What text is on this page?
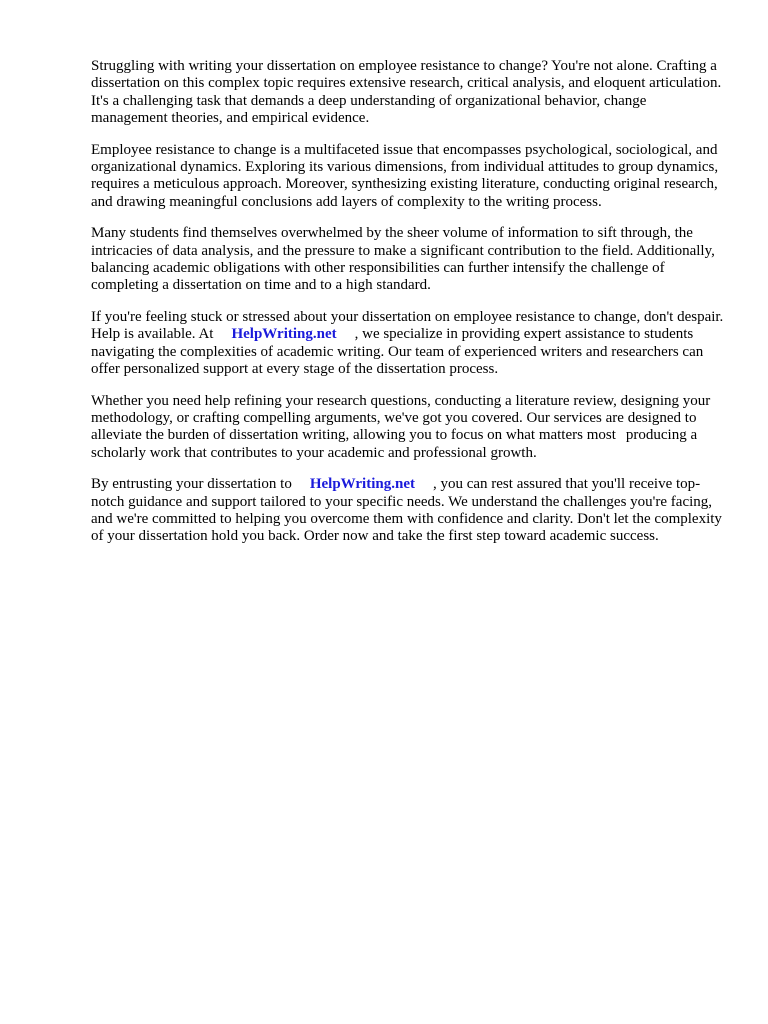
Struggling with writing your dissertation on employee resistance to change? You're not alone. Crafting a dissertation on this complex topic requires extensive research, critical analysis, and eloquent articulation. It's a challenging task that demands a deep understanding of organizational behavior, change management theories, and empirical evidence.

Employee resistance to change is a multifaceted issue that encompasses psychological, sociological, and organizational dynamics. Exploring its various dimensions, from individual attitudes to group dynamics, requires a meticulous approach. Moreover, synthesizing existing literature, conducting original research, and drawing meaningful conclusions add layers of complexity to the writing process.

Many students find themselves overwhelmed by the sheer volume of information to sift through, the intricacies of data analysis, and the pressure to make a significant contribution to the field. Additionally, balancing academic obligations with other responsibilities can further intensify the challenge of completing a dissertation on time and to a high standard.

If you're feeling stuck or stressed about your dissertation on employee resistance to change, don't despair. Help is available. At HelpWriting.net , we specialize in providing expert assistance to students navigating the complexities of academic writing. Our team of experienced writers and researchers can offer personalized support at every stage of the dissertation process.

Whether you need help refining your research questions, conducting a literature review, designing your methodology, or crafting compelling arguments, we've got you covered. Our services are designed to alleviate the burden of dissertation writing, allowing you to focus on what matters most producing a scholarly work that contributes to your academic and professional growth.

By entrusting your dissertation to HelpWriting.net , you can rest assured that you'll receive top-notch guidance and support tailored to your specific needs. We understand the challenges you're facing, and we're committed to helping you overcome them with confidence and clarity. Don't let the complexity of your dissertation hold you back. Order now and take the first step toward academic success.
